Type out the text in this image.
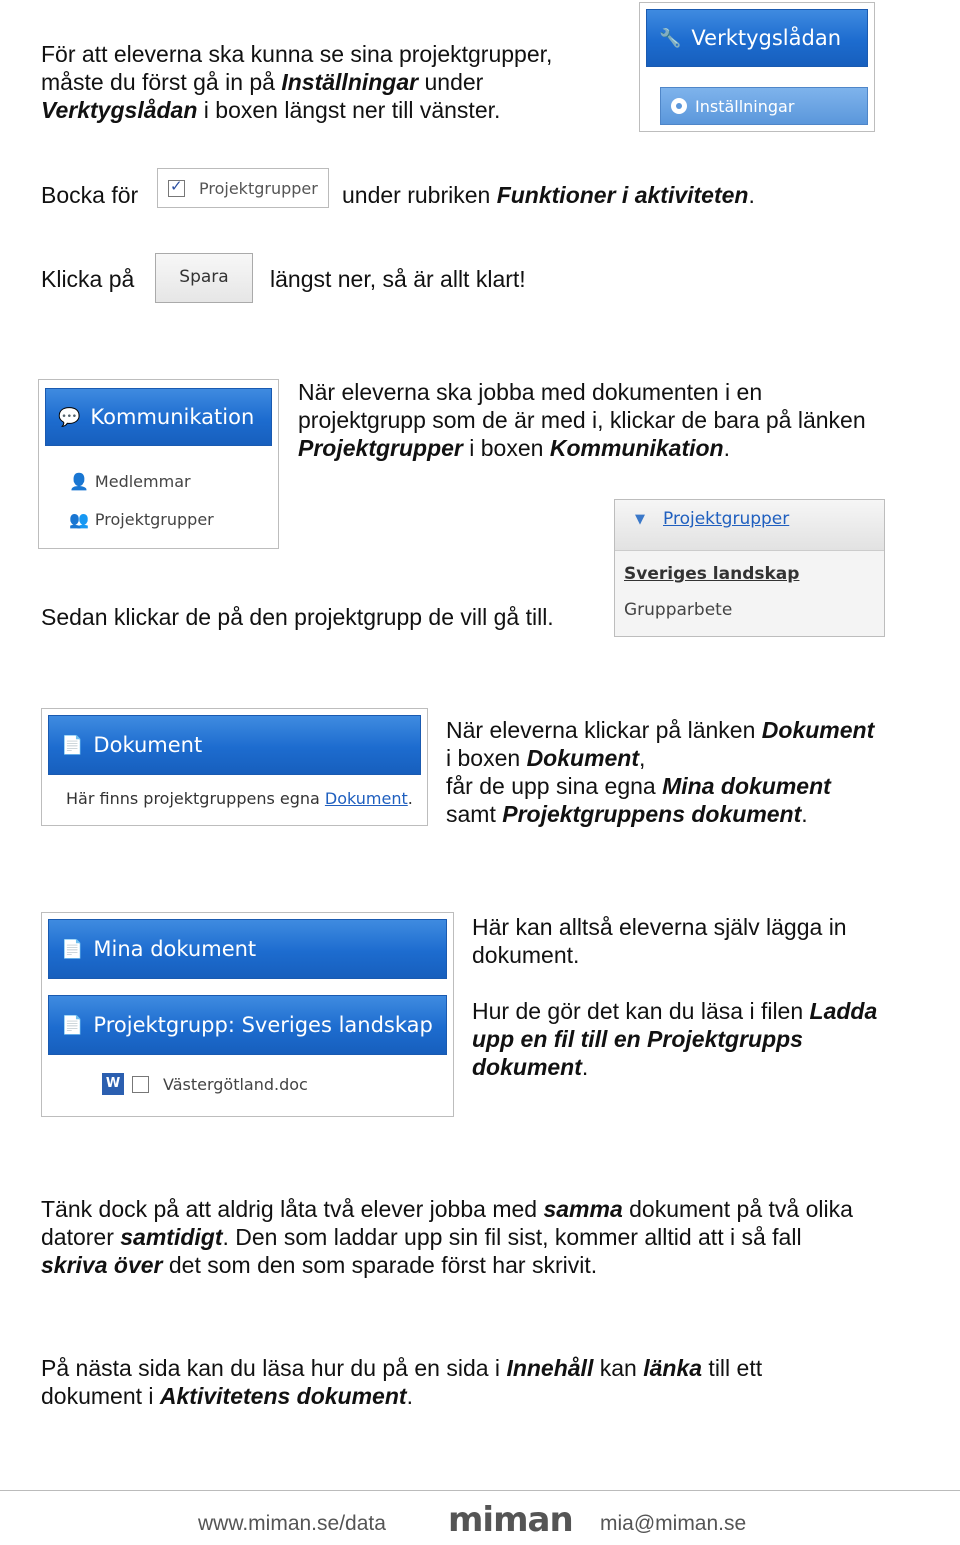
För att eleverna ska kunna se sina projektgrupper,
måste du först gå in på Inställningar under
Verktygslådan i boxen längst ner till vänster.
🔧 Verktygslådan
Inställningar
Bocka för
✓	Projektgrupper under rubriken Funktioner i aktiviteten.
Klicka på	Spara	längst ner, så är allt klart!
💬 Kommunikation
👤 Medlemmar
👥 Projektgrupper
När eleverna ska jobba med dokumenten i en
projektgrupp som de är med i, klickar de bara på länken
Projektgrupper i boxen Kommunikation.
▼ Projektgrupper
Sveriges landskap
Grupparbete
Sedan klickar de på den projektgrupp de vill gå till.
📄 Dokument
Här finns projektgruppens egna Dokument.
När eleverna klickar på länken Dokument
i boxen Dokument,
får de upp sina egna Mina dokument
samt Projektgruppens dokument.
📄 Mina dokument
📄 Projektgrupp: Sveriges landskap
W	Västergötland.doc
Här kan alltså eleverna själv lägga in
dokument.
Hur de gör det kan du läsa i filen Ladda
upp en fil till en Projektgrupps
dokument.
Tänk dock på att aldrig låta två elever jobba med samma dokument på två olika
datorer samtidigt. Den som laddar upp sin fil sist, kommer alltid att i så fall
skriva över det som den som sparade först har skrivit.
På nästa sida kan du läsa hur du på en sida i Innehåll kan länka till ett
dokument i Aktivitetens dokument.
www.miman.se/data miman mia@miman.se
